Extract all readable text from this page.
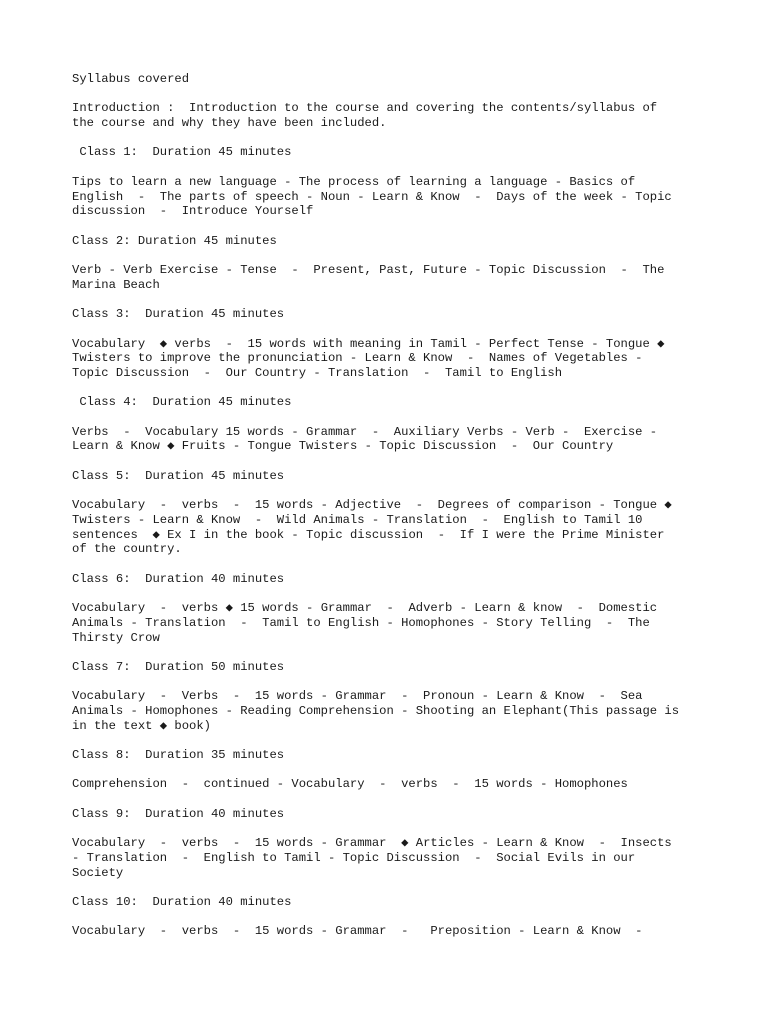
Syllabus covered

Introduction :  Introduction to the course and covering the contents/syllabus of
the course and why they have been included.

Class 1:  Duration 45 minutes

Tips to learn a new language - The process of learning a language - Basics of
English  -  The parts of speech - Noun - Learn & Know  -  Days of the week - Topic
discussion  -  Introduce Yourself

Class 2: Duration 45 minutes

Verb - Verb Exercise - Tense  -  Present, Past, Future - Topic Discussion  -  The
Marina Beach

Class 3:  Duration 45 minutes

Vocabulary  ◆ verbs  -  15 words with meaning in Tamil - Perfect Tense - Tongue ◆
Twisters to improve the pronunciation - Learn & Know  -  Names of Vegetables -
Topic Discussion  -  Our Country - Translation  -  Tamil to English

Class 4:  Duration 45 minutes

Verbs  -  Vocabulary 15 words - Grammar  -  Auxiliary Verbs - Verb -  Exercise -
Learn & Know ◆ Fruits - Tongue Twisters - Topic Discussion  -  Our Country

Class 5:  Duration 45 minutes

Vocabulary  -  verbs  -  15 words - Adjective  -  Degrees of comparison - Tongue ◆
Twisters - Learn & Know  -  Wild Animals - Translation  -  English to Tamil 10
sentences  ◆ Ex I in the book - Topic discussion  -  If I were the Prime Minister
of the country.

Class 6:  Duration 40 minutes

Vocabulary  -  verbs ◆ 15 words - Grammar  -  Adverb - Learn & know  -  Domestic
Animals - Translation  -  Tamil to English - Homophones - Story Telling  -  The
Thirsty Crow

Class 7:  Duration 50 minutes

Vocabulary  -  Verbs  -  15 words - Grammar  -  Pronoun - Learn & Know  -  Sea
Animals - Homophones - Reading Comprehension - Shooting an Elephant(This passage is
in the text ◆ book)

Class 8:  Duration 35 minutes

Comprehension  -  continued - Vocabulary  -  verbs  -  15 words - Homophones

Class 9:  Duration 40 minutes

Vocabulary  -  verbs  -  15 words - Grammar  ◆ Articles - Learn & Know  -  Insects
- Translation  -  English to Tamil - Topic Discussion  -  Social Evils in our
Society

Class 10:  Duration 40 minutes

Vocabulary  -  verbs  -  15 words - Grammar  -   Preposition - Learn & Know  -
